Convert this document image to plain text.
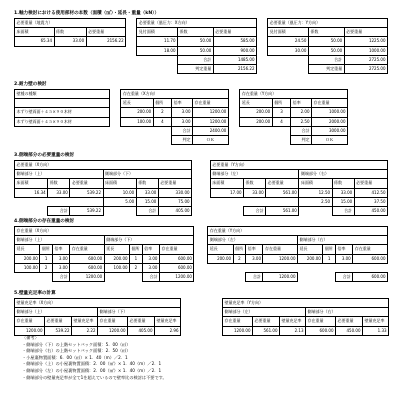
1.軸力検討における使用部材の本数（面積（㎡）・延長・重量（kN））
必要重量（地震力）				必要重量（風圧力：X方向）				必要重量（風圧力：Y方向）		
床面積	係数	必要重量		見付面積	係数	必要重量		見付面積	係数	必要重量
65.34	33.00	2156.22		11.70	50.00	585.00		24.50	50.00	1225.00
				18.00	50.00	900.00		30.00	50.00	1000.00
					合計	1485.00			合計	2725.00
					判定重量	2156.22			判定重量	2725.00
2.耐力壁の検討
壁種の種類		存在重量（X方向）					存在重量（Y方向）			
		延長	個所	倍率	存在重量		延長	個所	倍率	存在重量
木ずり壁両面＋４５×９０木材		200.00	2	3.00	1200.00		200.00	3	2.00	1000.00
木ずり壁両面＋４５×９０木材		100.00	4	3.00	1200.00		200.00	4	2.50	2000.00
				合計	2400.00				合計	3000.00
				判定	ＯＫ				判定	ＯＫ
3.側端部分の必要重量の検討
必要重量（X方向）							必要重量（Y方向）					
側端部分（上）			側端部分（下）				側端部分（左）			側端部分（右）		
床面積	係数	必要重量	床面積	係数	必要重量		床面積	係数	必要重量	床面積	係数	必要重量
16.34	33.00	539.22	10.00	33.00	330.00		17.00	33.00	561.00	12.50	33.00	412.50
			5.00	15.00	75.00					2.50	15.00	37.50
	合計	539.22		合計	405.00			合計	561.00		合計	450.00
4.側端部分の存在重量の検討
存在重量（X方向）									存在重量（Y方向）							
側端部分（上）				側端部分（下）					側端部分（左）				側端部分（右）			
延長	個所	倍率	存在重量	延長	個所	倍率	存在重量		延長	個所	倍率	存在重量	延長	個所	倍率	存在重量
200.00	1	3.00	600.00	200.00	1	3.00	600.00		200.00	2	3.00	1200.00	200.00	1	3.00	600.00
100.00	2	3.00	600.00	100.00	2	3.00	600.00									
		合計	1200.00			合計	1200.00				合計	1200.00			合計	600.00
5.壁量充足率の計算
壁量充足率（X方向）							壁量充足率（Y方向）					
側端部分（上）			側端部分（下）				側端部分（左）			側端部分（右）		
存在重量	必要重量	壁量充足率	存在重量	必要重量	壁量充足率		存在重量	必要重量	壁量充足率	存在重量	必要重量	壁量充足率
1200.00	539.22	2.22	1200.00	405.00	2.96		1200.00	561.00	2.13	600.00	450.00	1.33
〈備考〉
・側端部分（下）の上階セットバック面積：5．00（㎡）
・側端部分（右）の上階セットバック面積：2．50（㎡）
・小屋裏物置面積：6．00（㎡）× 1．40（m）／2．1
・側端部分（上）の小屋裏物置面積：2．00（㎡）× 1．40（m）／2．1
・側端部分（左）の小屋裏物置面積：2．00（㎡）× 1．40（m）／2．1
・側端部分の壁量充足率が全て1を超えているので壁率比の検討は不要です。
